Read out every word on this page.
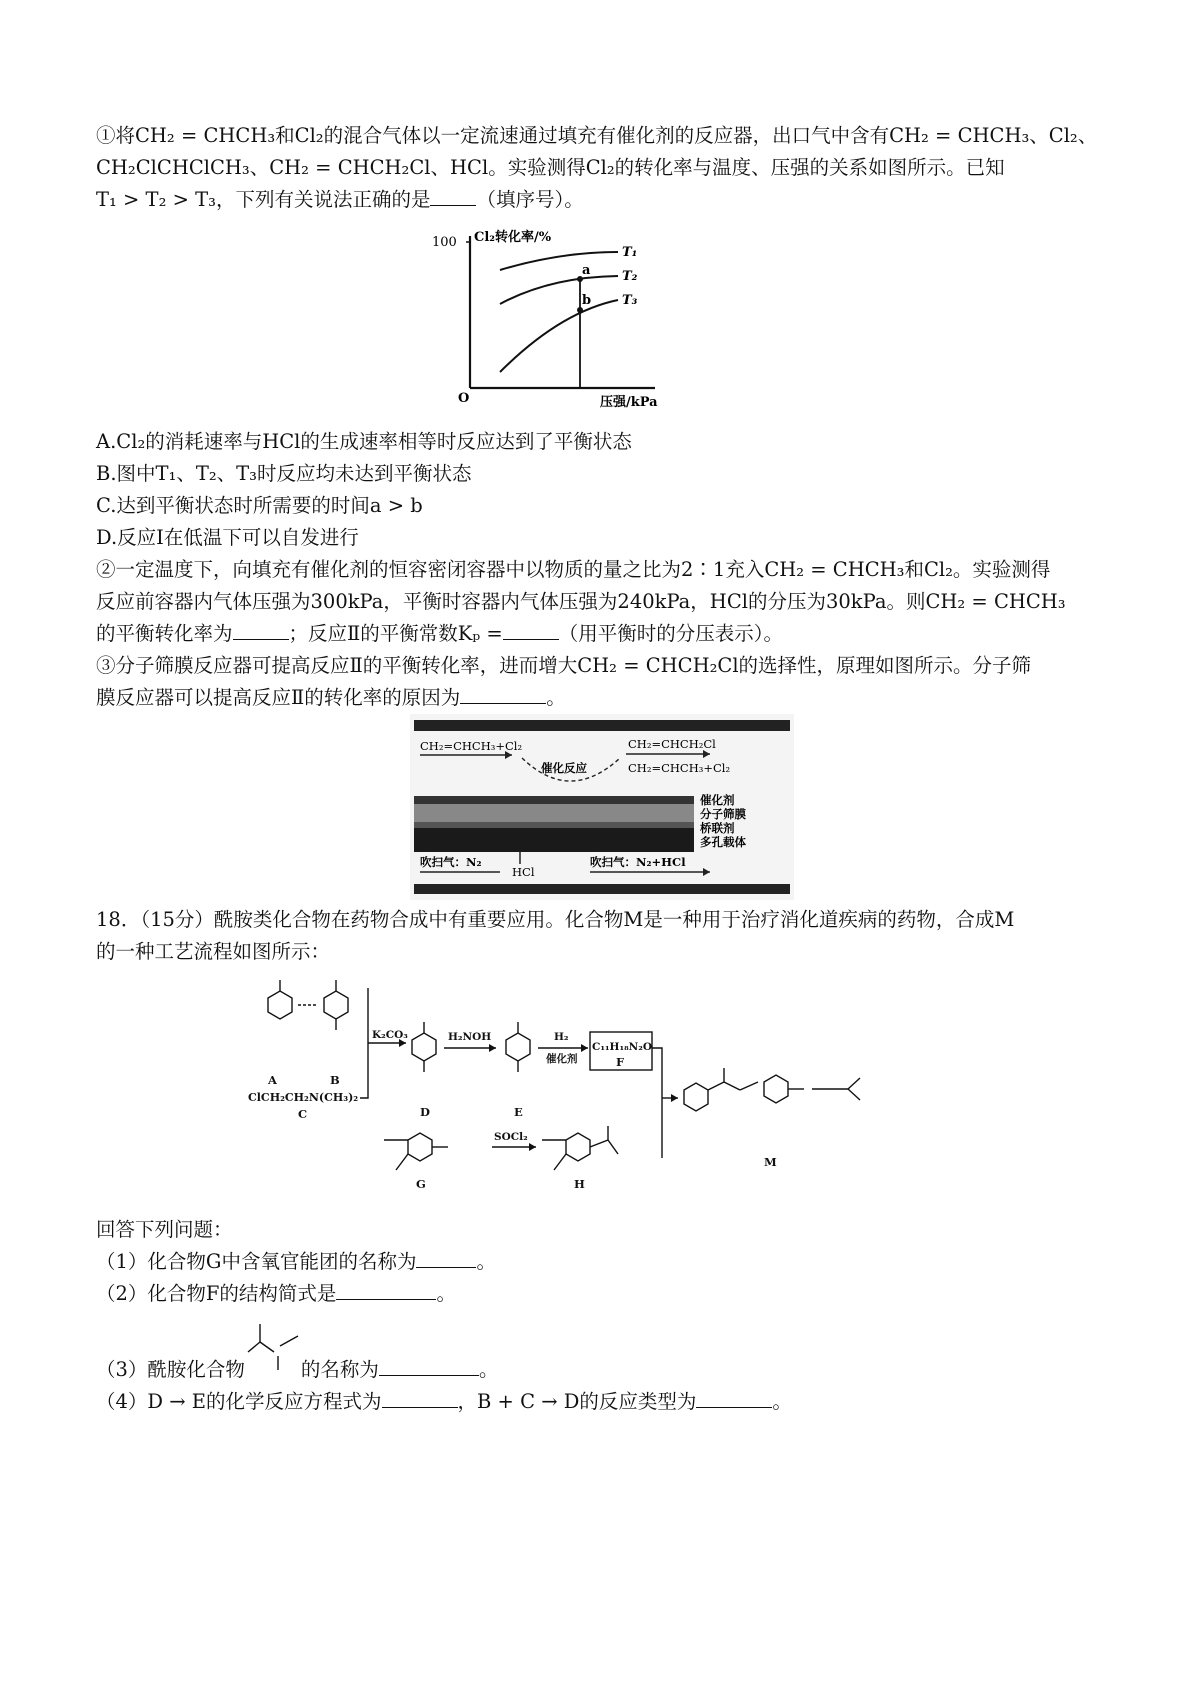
①将CH₂ = CHCH₃和Cl₂的混合气体以一定流速通过填充有催化剂的反应器，出口气中含有CH₂ = CHCH₃、Cl₂、

CH₂ClCHClCH₃、CH₂ = CHCH₂Cl、HCl。实验测得Cl₂的转化率与温度、压强的关系如图所示。已知

T₁ > T₂ > T₃，下列有关说法正确的是 （填序号）。

Cl₂转化率/%
100
O	压强/kPa
a
b
T₁
T₂
T₃

A.Cl₂的消耗速率与HCl的生成速率相等时反应达到了平衡状态

B.图中T₁、T₂、T₃时反应均未达到平衡状态

C.达到平衡状态时所需要的时间a > b

D.反应Ⅰ在低温下可以自发进行

②一定温度下，向填充有催化剂的恒容密闭容器中以物质的量之比为2∶1充入CH₂ = CHCH₃和Cl₂。实验测得

反应前容器内气体压强为300kPa，平衡时容器内气体压强为240kPa，HCl的分压为30kPa。则CH₂ = CHCH₃

的平衡转化率为	；反应Ⅱ的平衡常数Kₚ =	（用平衡时的分压表示）。

③分子筛膜反应器可提高反应Ⅱ的平衡转化率，进而增大CH₂ = CHCH₂Cl的选择性，原理如图所示。分子筛

膜反应器可以提高反应Ⅱ的转化率的原因为	。

CH₂=CHCH₃+Cl₂
催化反应
CH₂=CHCH₂Cl
CH₂=CHCH₃+Cl₂
催化剂
分子筛膜
桥联剂
多孔载体
HCl
吹扫气：N₂	吹扫气：N₂+HCl

18．（15分）酰胺类化合物在药物合成中有重要应用。化合物M是一种用于治疗消化道疾病的药物，合成M

的一种工艺流程如图所示：

A	B
ClCH₂CH₂N(CH₃)₂
C
K₂CO₃
D
H₂NOH
E
H₂
催化剂
C₁₁H₁₈N₂O
F
G
SOCl₂
H
M

回答下列问题：

（1）化合物G中含氧官能团的名称为	。

（2）化合物F的结构简式是	。

（3）酰胺化合物	的名称为	。

（4）D → E的化学反应方程式为	，B + C → D的反应类型为	。
